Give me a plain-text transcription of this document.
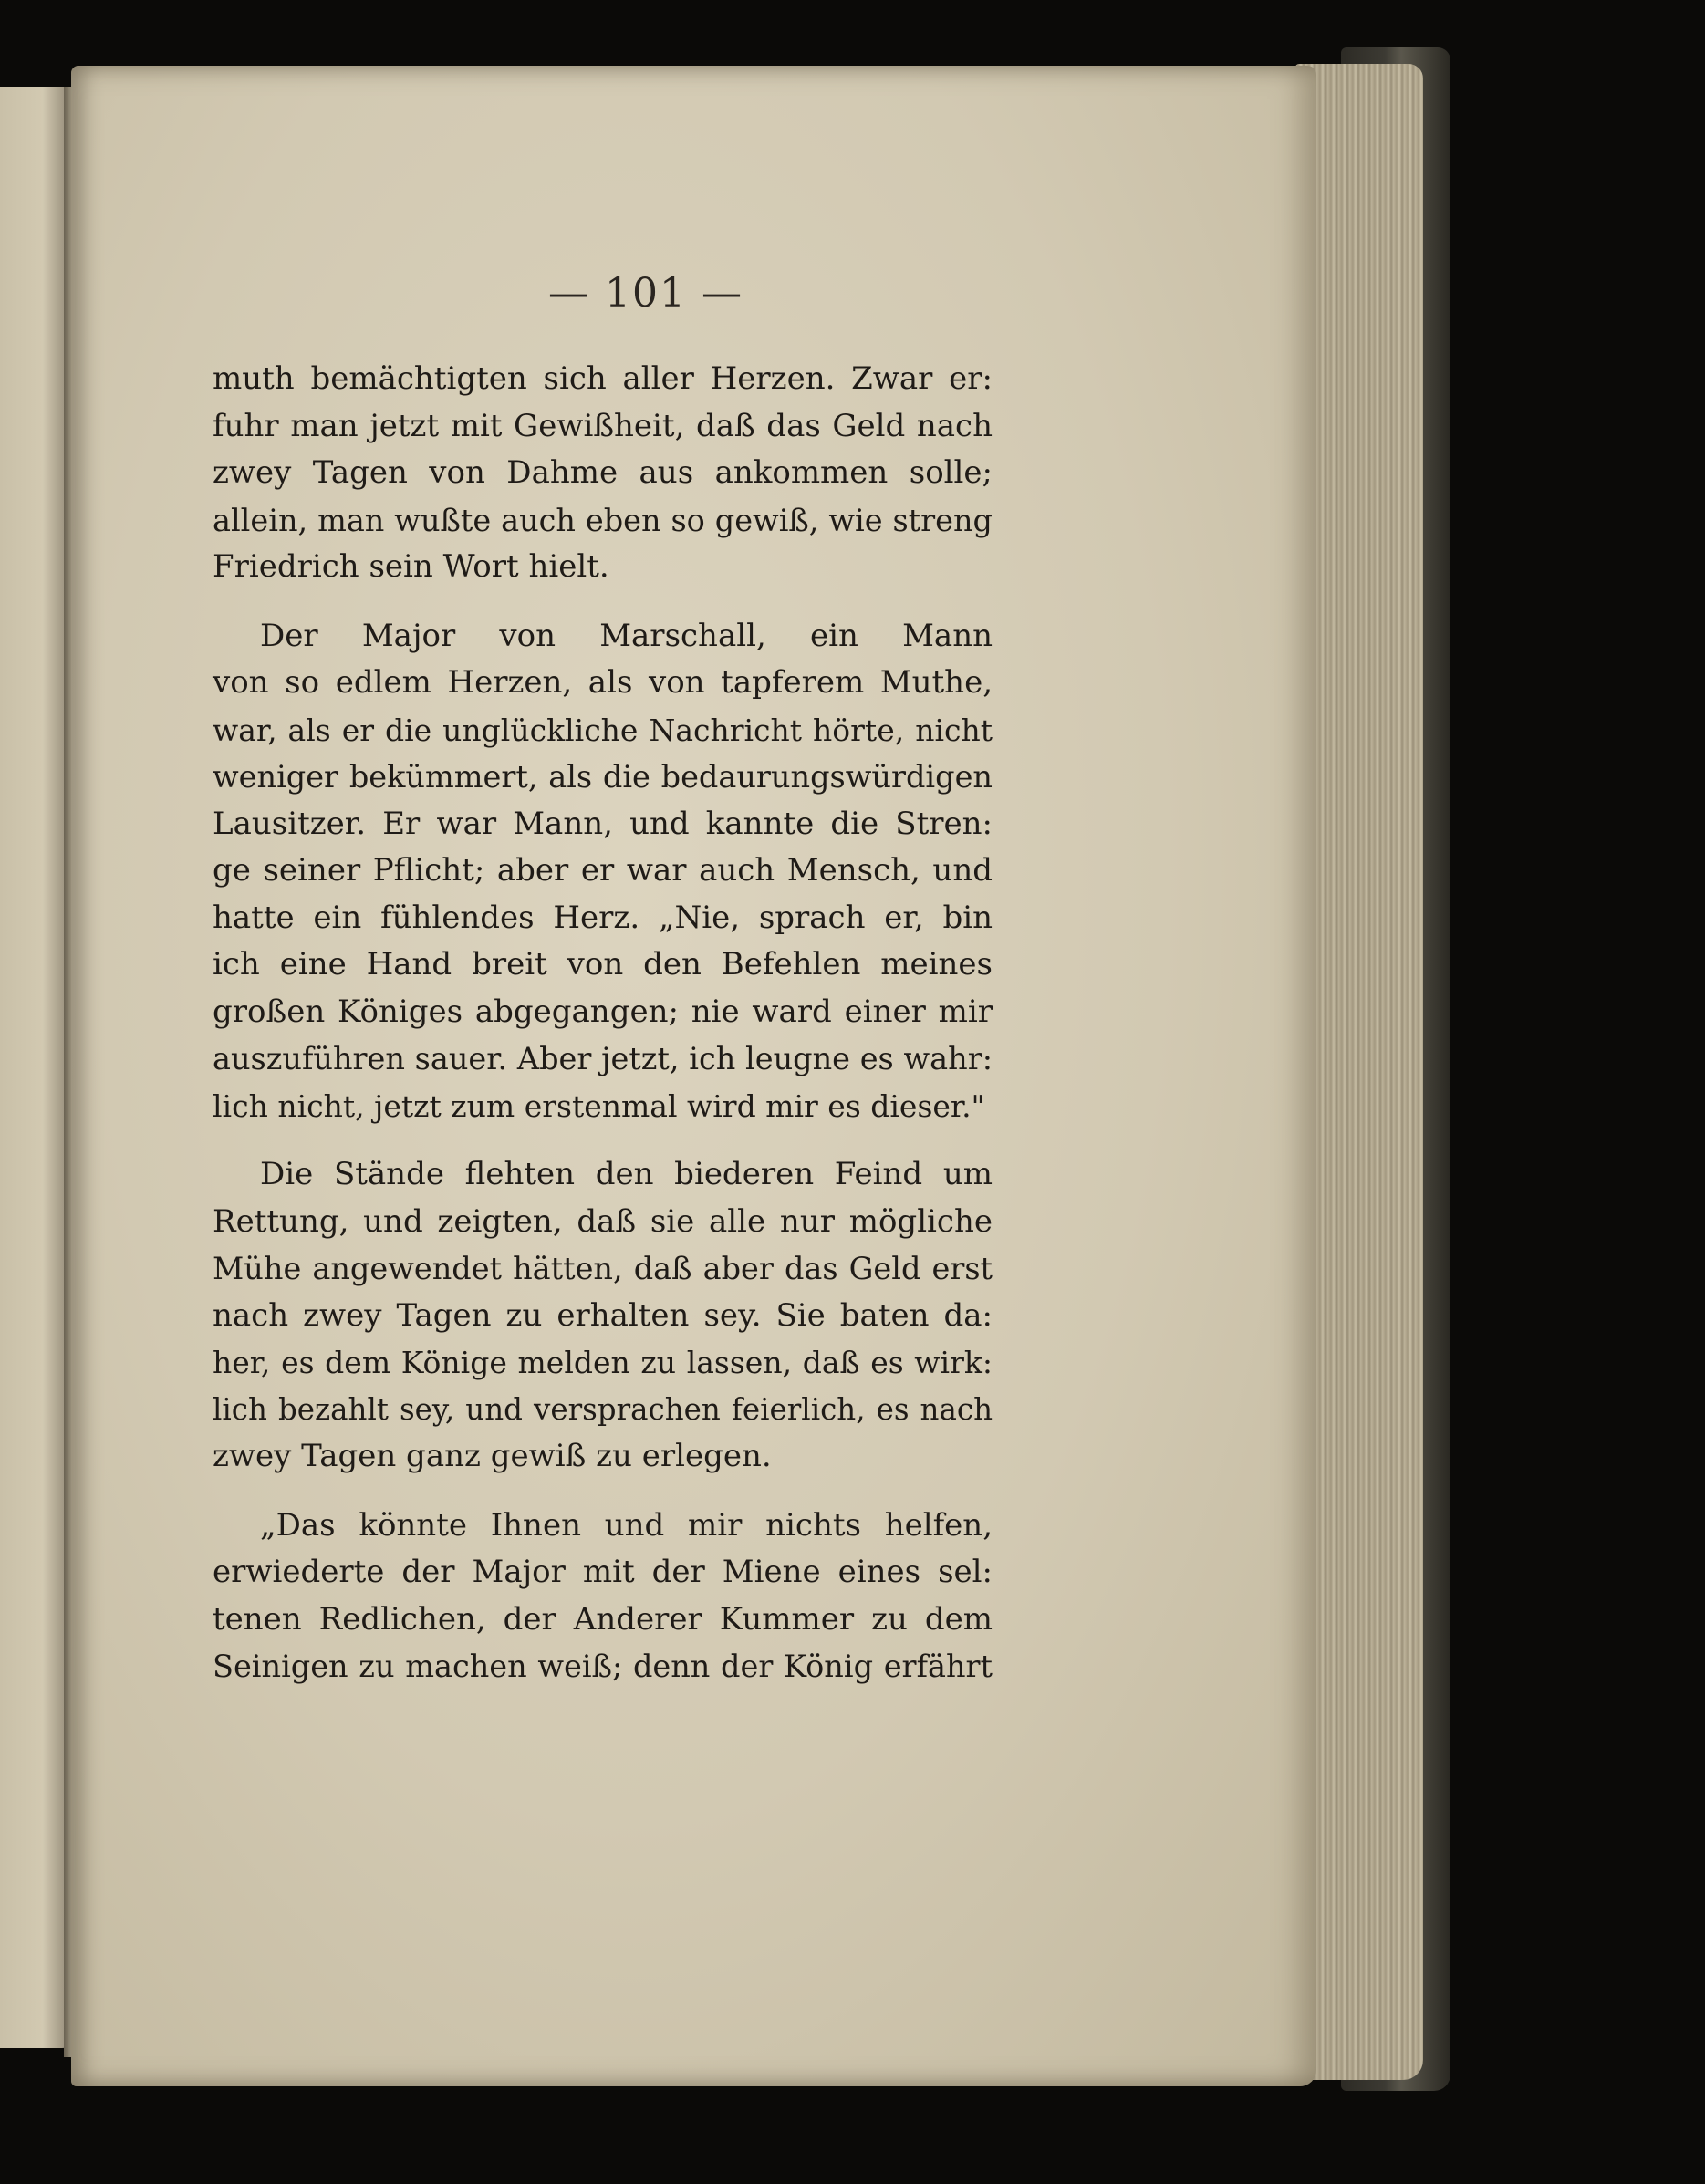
— 101 —

muth bemächtigten sich aller Herzen. Zwar er:
fuhr man jetzt mit Gewißheit, daß das Geld nach
zwey Tagen von Dahme aus ankommen solle;
allein, man wußte auch eben so gewiß, wie streng
Friedrich sein Wort hielt.

Der Major von Marschall, ein Mann
von so edlem Herzen, als von tapferem Muthe,
war, als er die unglückliche Nachricht hörte, nicht
weniger bekümmert, als die bedaurungswürdigen
Lausitzer. Er war Mann, und kannte die Stren:
ge seiner Pflicht; aber er war auch Mensch, und
hatte ein fühlendes Herz. „Nie, sprach er, bin
ich eine Hand breit von den Befehlen meines
großen Königes abgegangen; nie ward einer mir
auszuführen sauer. Aber jetzt, ich leugne es wahr:
lich nicht, jetzt zum erstenmal wird mir es dieser."

Die Stände flehten den biederen Feind um
Rettung, und zeigten, daß sie alle nur mögliche
Mühe angewendet hätten, daß aber das Geld erst
nach zwey Tagen zu erhalten sey. Sie baten da:
her, es dem Könige melden zu lassen, daß es wirk:
lich bezahlt sey, und versprachen feierlich, es nach
zwey Tagen ganz gewiß zu erlegen.

„Das könnte Ihnen und mir nichts helfen,
erwiederte der Major mit der Miene eines sel:
tenen Redlichen, der Anderer Kummer zu dem
Seinigen zu machen weiß; denn der König erfährt
